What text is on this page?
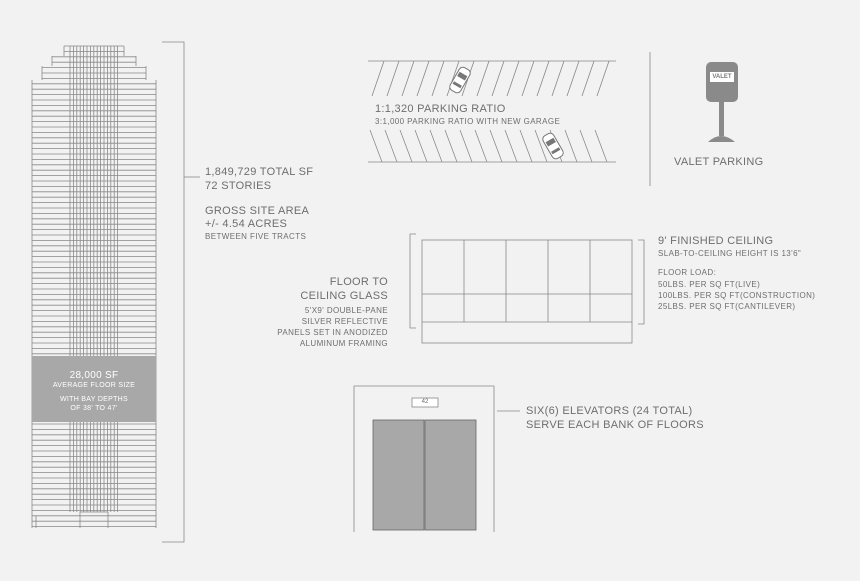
1,849,729 TOTAL SF
72 STORIES
GROSS SITE AREA
+/- 4.54 ACRES
BETWEEN FIVE TRACTS
28,000 SF
AVERAGE FLOOR SIZE
WITH BAY DEPTHS
OF 38' TO 47'
1:1,320 PARKING RATIO
3:1,000 PARKING RATIO WITH NEW GARAGE
VALET PARKING
VALET
9' FINISHED CEILING
SLAB-TO-CEILING HEIGHT IS 13'6"
FLOOR LOAD:
50LBS. PER SQ FT(LIVE)
100LBS. PER SQ FT(CONSTRUCTION)
25LBS. PER SQ FT(CANTILEVER)
FLOOR TO
CEILING GLASS
5'X9' DOUBLE-PANE
SILVER REFLECTIVE
PANELS SET IN ANODIZED
ALUMINUM FRAMING
42
SIX(6) ELEVATORS (24 TOTAL)
SERVE EACH BANK OF FLOORS
